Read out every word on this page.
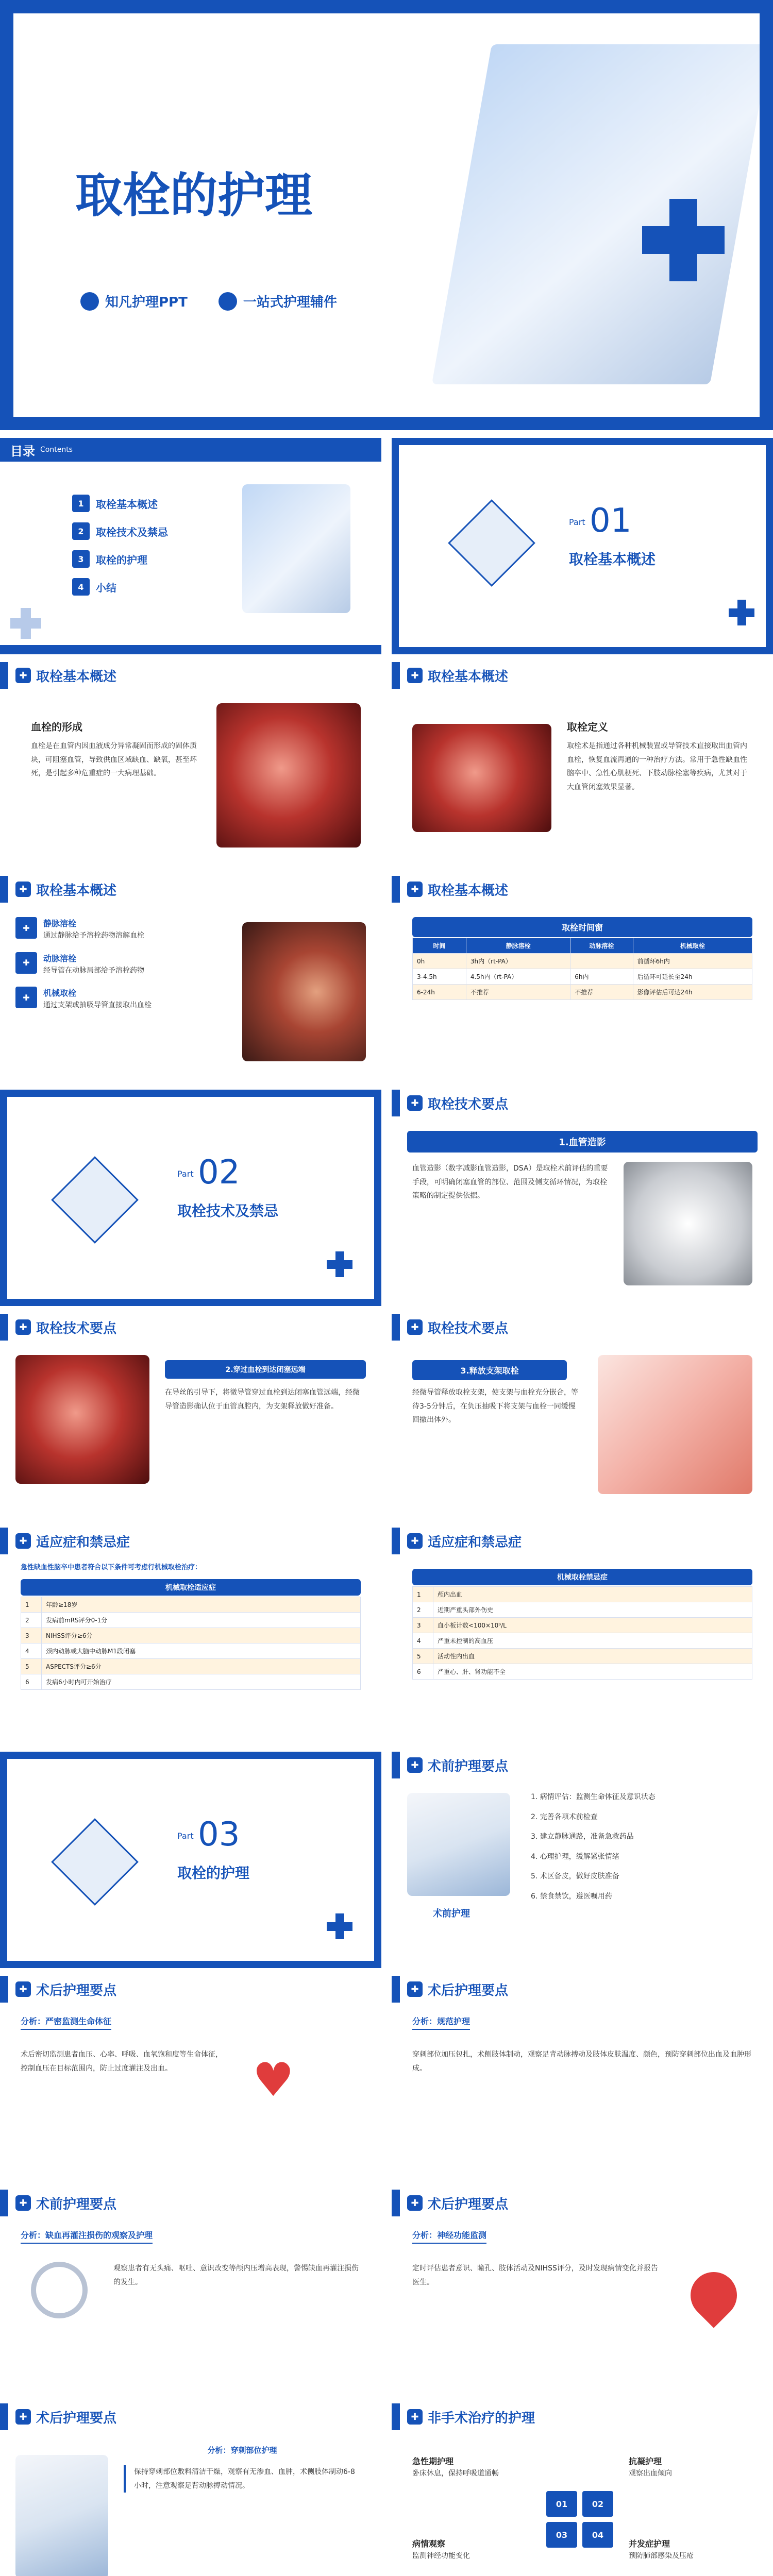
取栓的护理
知凡护理PPT	一站式护理辅件
目录 Contents
1	取栓基本概述
2	取栓技术及禁忌
3	取栓的护理
4	小结
Part 01
取栓基本概述
✚ 取栓基本概述
血栓的形成
血栓是在血管内因血液成分异常凝固而形成的固体质块，可阻塞血管，导致供血区域缺血、缺氧，甚至坏死，是引起多种危重症的一大病理基础。
✚ 取栓基本概述
取栓定义
取栓术是指通过各种机械装置或导管技术直接取出血管内血栓，恢复血流再通的一种治疗方法。常用于急性缺血性脑卒中、急性心肌梗死、下肢动脉栓塞等疾病，尤其对于大血管闭塞效果显著。
✚ 取栓基本概述
✚	静脉溶栓
通过静脉给予溶栓药物溶解血栓
✚	动脉溶栓
经导管在动脉局部给予溶栓药物
✚	机械取栓
通过支架或抽吸导管直接取出血栓
✚ 取栓基本概述
取栓时间窗
时间	静脉溶栓	动脉溶栓	机械取栓
0h	3h内（rt-PA）		前循环6h内
3-4.5h	4.5h内（rt-PA）	6h内	后循环可延长至24h
6-24h	不推荐	不推荐	影像评估后可达24h
Part 02
取栓技术及禁忌
✚ 取栓技术要点
1.血管造影
血管造影（数字减影血管造影，DSA）是取栓术前评估的重要手段，可明确闭塞血管的部位、范围及侧支循环情况，为取栓策略的制定提供依据。
✚ 取栓技术要点
2.穿过血栓到达闭塞远端
在导丝的引导下，将微导管穿过血栓到达闭塞血管远端，经微导管造影确认位于血管真腔内，为支架释放做好准备。
✚ 取栓技术要点
3.释放支架取栓
经微导管释放取栓支架，使支架与血栓充分嵌合，等待3-5分钟后，在负压抽吸下将支架与血栓一同缓慢回撤出体外。
✚ 适应症和禁忌症
急性缺血性脑卒中患者符合以下条件可考虑行机械取栓治疗：
机械取栓适应症
1	年龄≥18岁
2	发病前mRS评分0-1分
3	NIHSS评分≥6分
4	颈内动脉或大脑中动脉M1段闭塞
5	ASPECTS评分≥6分
6	发病6小时内可开始治疗
✚ 适应症和禁忌症
机械取栓禁忌症
1	颅内出血
2	近期严重头部外伤史
3	血小板计数<100×10⁹/L
4	严重未控制的高血压
5	活动性内出血
6	严重心、肝、肾功能不全
Part 03
取栓的护理
✚ 术前护理要点
术前护理
1. 病情评估：监测生命体征及意识状态
2. 完善各项术前检查
3. 建立静脉通路，准备急救药品
4. 心理护理，缓解紧张情绪
5. 术区备皮，做好皮肤准备
6. 禁食禁饮，遵医嘱用药
✚ 术后护理要点
分析：严密监测生命体征
术后密切监测患者血压、心率、呼吸、血氧饱和度等生命体征，控制血压在目标范围内，防止过度灌注及出血。	♥
✚ 术后护理要点
分析：规范护理
穿刺部位加压包扎，术侧肢体制动，观察足背动脉搏动及肢体皮肤温度、颜色，预防穿刺部位出血及血肿形成。
✚ 术前护理要点
分析：缺血再灌注损伤的观察及护理
观察患者有无头痛、呕吐、意识改变等颅内压增高表现，警惕缺血再灌注损伤的发生。
✚ 术后护理要点
分析：神经功能监测
定时评估患者意识、瞳孔、肢体活动及NIHSS评分，及时发现病情变化并报告医生。
✚ 术后护理要点
分析：穿刺部位护理
保持穿刺部位敷料清洁干燥，观察有无渗血、血肿，术侧肢体制动6-8小时，注意观察足背动脉搏动情况。
✚ 非手术治疗的护理
急性期护理
卧床休息，保持呼吸道通畅
抗凝护理
观察出血倾向
病情观察
监测神经功能变化
并发症护理
预防肺部感染及压疮
01	02
03	04
